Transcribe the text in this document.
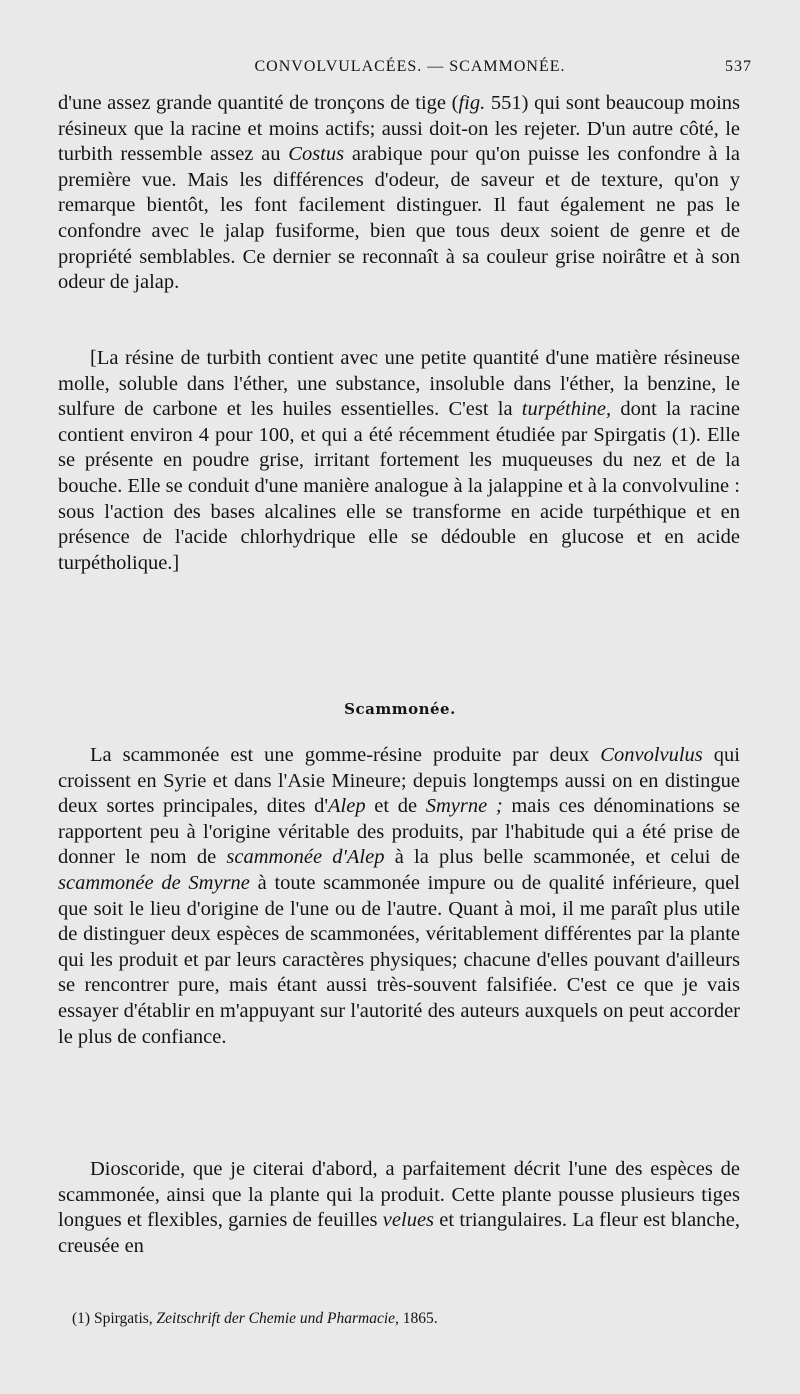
CONVOLVULACÉES. — SCAMMONÉE.	537

d'une assez grande quantité de tronçons de tige (fig. 551) qui sont beaucoup moins résineux que la racine et moins actifs; aussi doit-on les rejeter. D'un autre côté, le turbith ressemble assez au Costus arabique pour qu'on puisse les confondre à la première vue. Mais les différences d'odeur, de saveur et de texture, qu'on y remarque bientôt, les font facilement distinguer. Il faut également ne pas le confondre avec le jalap fusiforme, bien que tous deux soient de genre et de propriété semblables. Ce dernier se reconnaît à sa couleur grise noirâtre et à son odeur de jalap.

[La résine de turbith contient avec une petite quantité d'une matière résineuse molle, soluble dans l'éther, une substance, insoluble dans l'éther, la benzine, le sulfure de carbone et les huiles essentielles. C'est la turpéthine, dont la racine contient environ 4 pour 100, et qui a été récemment étudiée par Spirgatis (1). Elle se présente en poudre grise, irritant fortement les muqueuses du nez et de la bouche. Elle se conduit d'une manière analogue à la jalappine et à la convolvuline : sous l'action des bases alcalines elle se transforme en acide turpéthique et en présence de l'acide chlorhydrique elle se dédouble en glucose et en acide turpétholique.]

Scammonée.

La scammonée est une gomme-résine produite par deux Convolvulus qui croissent en Syrie et dans l'Asie Mineure; depuis longtemps aussi on en distingue deux sortes principales, dites d'Alep et de Smyrne ; mais ces dénominations se rapportent peu à l'origine véritable des produits, par l'habitude qui a été prise de donner le nom de scammonée d'Alep à la plus belle scammonée, et celui de scammonée de Smyrne à toute scammonée impure ou de qualité inférieure, quel que soit le lieu d'origine de l'une ou de l'autre. Quant à moi, il me paraît plus utile de distinguer deux espèces de scammonées, véritablement différentes par la plante qui les produit et par leurs caractères physiques; chacune d'elles pouvant d'ailleurs se rencontrer pure, mais étant aussi très-souvent falsifiée. C'est ce que je vais essayer d'établir en m'appuyant sur l'autorité des auteurs auxquels on peut accorder le plus de confiance.

Dioscoride, que je citerai d'abord, a parfaitement décrit l'une des espèces de scammonée, ainsi que la plante qui la produit. Cette plante pousse plusieurs tiges longues et flexibles, garnies de feuilles velues et triangulaires. La fleur est blanche, creusée en

(1) Spirgatis, Zeitschrift der Chemie und Pharmacie, 1865.
